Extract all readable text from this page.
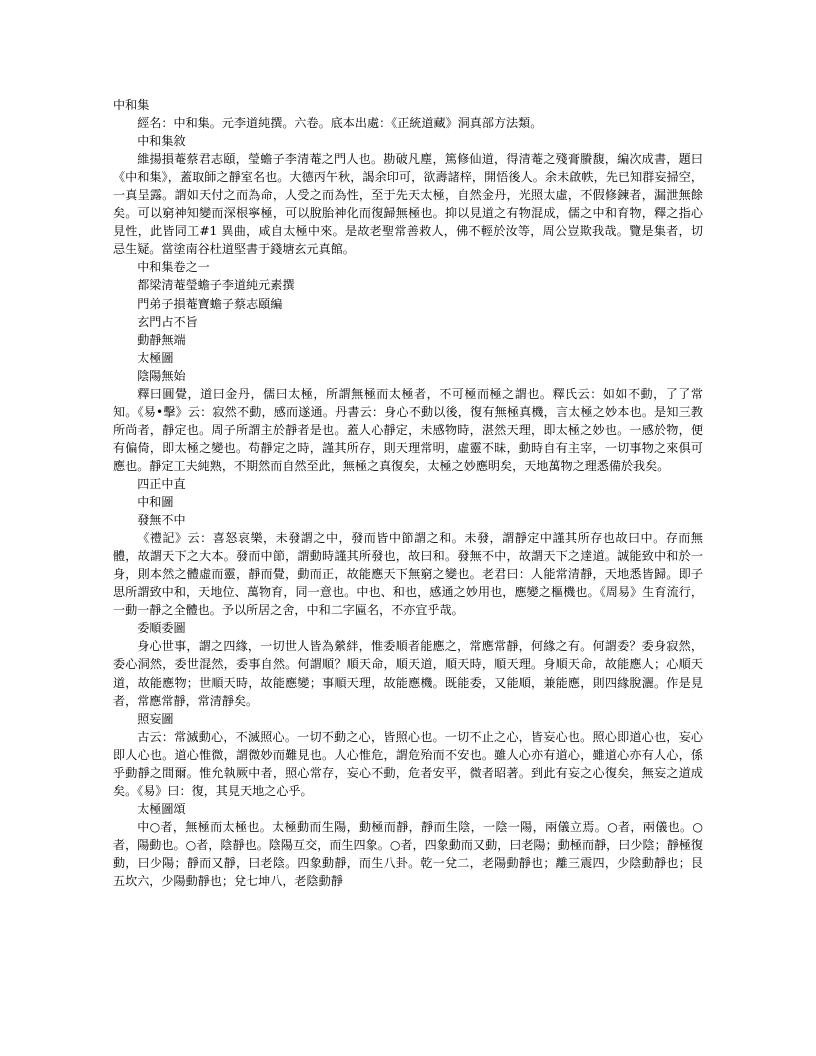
中和集

經名：中和集。元李道純撰。六卷。底本出處：《正統道藏》洞真部方法類。

中和集敘

維揚損菴蔡君志頤，瑩蟾子李清菴之門人也。勘破凡塵，篤修仙道，得清菴之殘膏賸馥，編次成書，題曰《中和集》，蓋取師之靜室名也。大德丙午秋，謁余印可，欲壽諸梓，開悟後人。余未啟帙，先已知群妄掃空，一真呈露。謂如天付之而為命，人受之而為性，至于先天太極，自然金丹，光照太虛，不假修鍊者，漏泄無餘矣。可以窮神知變而深根寧極，可以脫胎神化而復歸無極也。抑以見道之有物混成，儒之中和育物，釋之指心見性，此皆同工#1 異曲，咸自太極中來。是故老聖常善救人，佛不輕於汝等，周公豈欺我哉。覽是集者，切忌生疑。當塗南谷杜道堅書于錢塘玄元真館。

中和集卷之一

都梁清菴瑩蟾子李道純元素撰

門弟子損菴寶蟾子蔡志頤編

玄門占不旨

動靜無端

太極圖

陰陽無始

釋曰圓覺，道曰金丹，儒曰太極，所謂無極而太極者，不可極而極之謂也。釋氏云：如如不動，了了常知。《易•擊》云：寂然不動，感而遂通。丹書云：身心不動以後，復有無極真機，言太極之妙本也。是知三教所尚者，靜定也。周子所謂主於靜者是也。蓋人心靜定，未感物時，湛然天理，即太極之妙也。一感於物，便有偏倚，即太極之變也。苟靜定之時，謹其所存，則天理常明，虛靈不昧，動時自有主宰，一切事物之來俱可應也。靜定工夫純熟，不期然而自然至此，無極之真復矣，太極之妙應明矣，天地萬物之理悉備於我矣。

四正中直

中和圖

發無不中

《禮記》云：喜怒哀樂，未發謂之中，發而皆中節謂之和。未發，謂靜定中謹其所存也故曰中。存而無體，故謂天下之大本。發而中節，謂動時謹其所發也，故曰和。發無不中，故謂天下之達道。誠能致中和於一身，則本然之體虛而靈，靜而覺，動而正，故能應天下無窮之變也。老君曰：人能常清靜，天地悉皆歸。即子思所謂致中和，天地位、萬物育，同一意也。中也、和也，感通之妙用也，應變之樞機也。《周易》生育流行，一動一靜之全體也。予以所居之舍，中和二字匾名，不亦宜乎哉。

委順委圖

身心世事，謂之四緣，一切世人皆為縈絆，惟委順者能應之，常應常靜，何緣之有。何謂委？委身寂然，委心洞然，委世混然，委事自然。何謂順？順天命，順天道，順天時，順天理。身順天命，故能應人；心順天道，故能應物；世順天時，故能應變；事順天理，故能應機。既能委，又能順，兼能應，則四緣脫灑。作是見者，常應常靜，常清靜矣。

照妄圖

古云：常滅動心，不滅照心。一切不動之心，皆照心也。一切不止之心，皆妄心也。照心即道心也，妄心即人心也。道心惟微，謂微妙而難見也。人心惟危，謂危殆而不安也。雖人心亦有道心，雖道心亦有人心，係乎動靜之間爾。惟允執厥中者，照心常存，妄心不動，危者安平，微者昭著。到此有妄之心復矣，無妄之道成矣。《易》曰：復，其見天地之心乎。

太極圖頌

中○者，無極而太極也。太極動而生陽，動極而靜，靜而生陰，一陰一陽，兩儀立焉。○者，兩儀也。○者，陽動也。○者，陰靜也。陰陽互交，而生四象。○者，四象動而又動，曰老陽；動極而靜，曰少陰；靜極復動，曰少陽；靜而又靜，曰老陰。四象動靜，而生八卦。乾一兌二，老陽動靜也；離三震四，少陰動靜也；艮五坎六，少陽動靜也；兌七坤八，老陰動靜
